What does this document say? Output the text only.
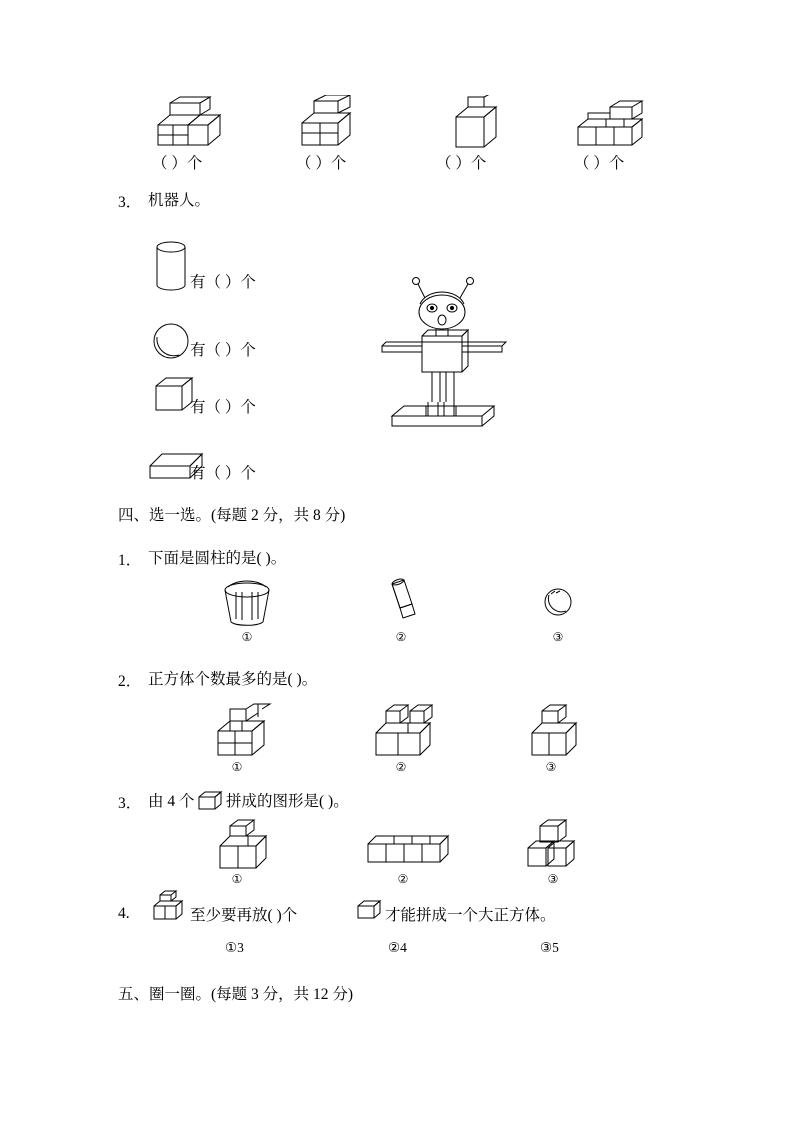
（ ）个	（ ）个	（ ）个	（ ）个
3． 机器人。
有（ ）个
有（ ）个
有（ ）个
有（ ）个
四、选一选。(每题 2 分，共 8 分)
1． 下面是圆柱的是( )。
①	②	③
2． 正方体个数最多的是( )。
①	②	③
3． 由 4 个 拼成的图形是( )。
①	②	③
4.	至少要再放( )个	才能拼成一个大正方体。
①3	②4	③5
五、圈一圈。(每题 3 分，共 12 分)
